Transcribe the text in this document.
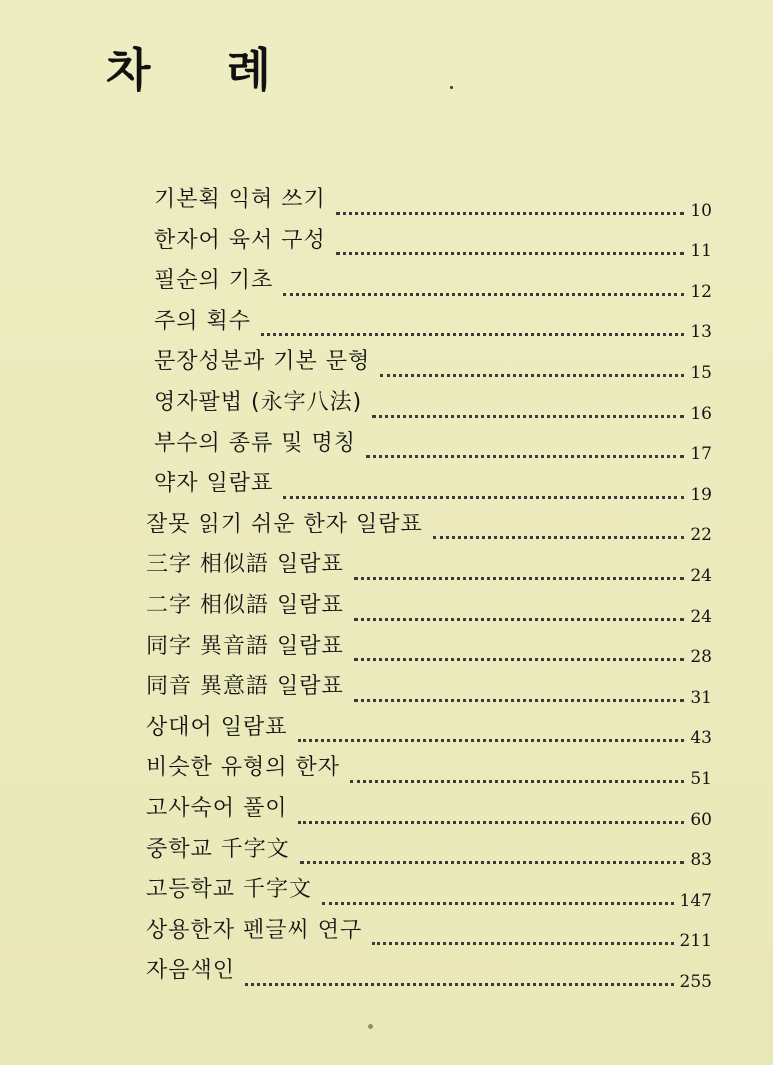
차 례
기본획 익혀 쓰기	10
한자어 육서 구성	11
필순의 기초	12
주의 획수	13
문장성분과 기본 문형	15
영자팔법 (永字八法)	16
부수의 종류 및 명칭	17
약자 일람표	19
잘못 읽기 쉬운 한자 일람표	22
三字 相似語 일람표	24
二字 相似語 일람표	24
同字 異音語 일람표	28
同音 異意語 일람표	31
상대어 일람표	43
비슷한 유형의 한자	51
고사숙어 풀이	60
중학교 千字文	83
고등학교 千字文	147
상용한자 펜글씨 연구	211
자음색인	255
